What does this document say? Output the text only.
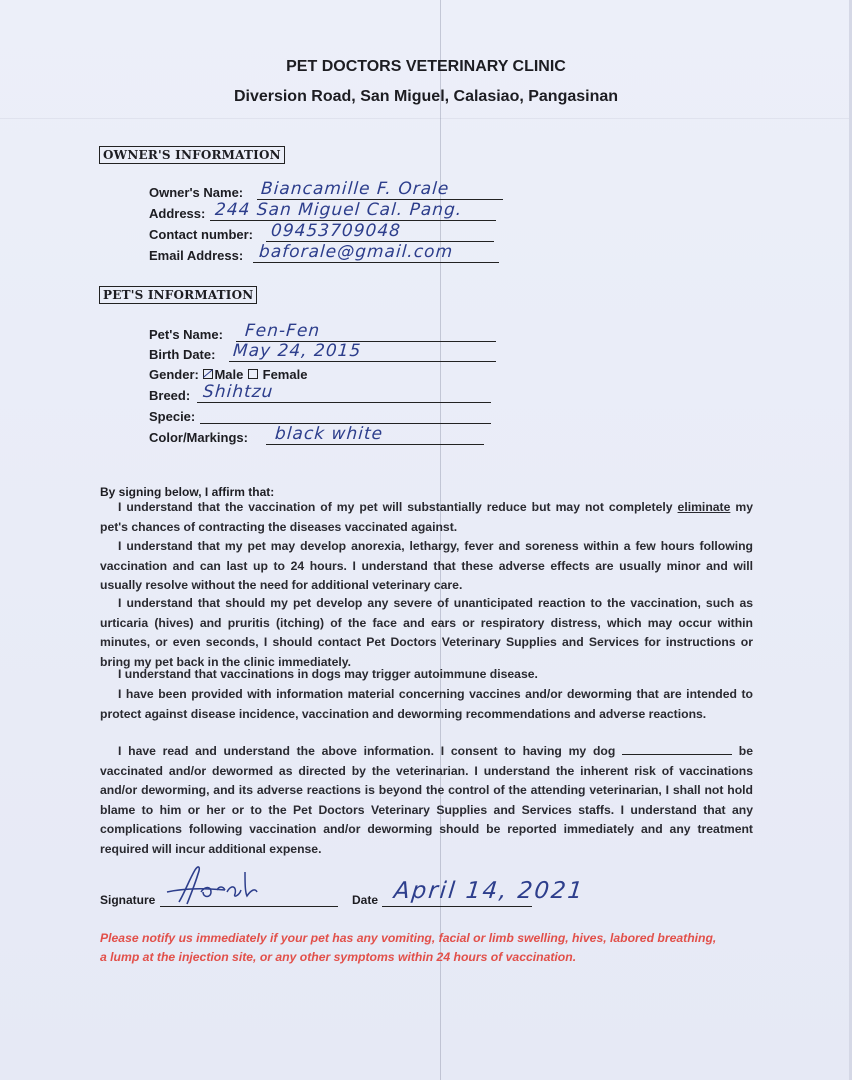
PET DOCTORS VETERINARY CLINIC
Diversion Road, San Miguel, Calasiao, Pangasinan
OWNER'S INFORMATION
Owner's Name: Biancamille F. Orale
Address: 244 San Miguel Cal. Pang.
Contact number: 09453709048
Email Address: baforale@gmail.com
PET'S INFORMATION
Pet's Name: Fen-Fen
Birth Date: May 24, 2015
Gender: Male Female
Breed: Shihtzu
Specie:
Color/Markings: black white
By signing below, I affirm that:
I understand that the vaccination of my pet will substantially reduce but may not completely eliminate my pet's chances of contracting the diseases vaccinated against.
I understand that my pet may develop anorexia, lethargy, fever and soreness within a few hours following vaccination and can last up to 24 hours. I understand that these adverse effects are usually minor and will usually resolve without the need for additional veterinary care.
I understand that should my pet develop any severe of unanticipated reaction to the vaccination, such as urticaria (hives) and pruritis (itching) of the face and ears or respiratory distress, which may occur within minutes, or even seconds, I should contact Pet Doctors Veterinary Supplies and Services for instructions or bring my pet back in the clinic immediately.
I understand that vaccinations in dogs may trigger autoimmune disease.
I have been provided with information material concerning vaccines and/or deworming that are intended to protect against disease incidence, vaccination and deworming recommendations and adverse reactions.
I have read and understand the above information. I consent to having my dog	be vaccinated and/or dewormed as directed by the veterinarian. I understand the inherent risk of vaccinations and/or deworming, and its adverse reactions is beyond the control of the attending veterinarian, I shall not hold blame to him or her or to the Pet Doctors Veterinary Supplies and Services staffs. I understand that any complications following vaccination and/or deworming should be reported immediately and any treatment required will incur additional expense.
Signature	Date April 14, 2021
Please notify us immediately if your pet has any vomiting, facial or limb swelling, hives, labored breathing, a lump at the injection site, or any other symptoms within 24 hours of vaccination.
